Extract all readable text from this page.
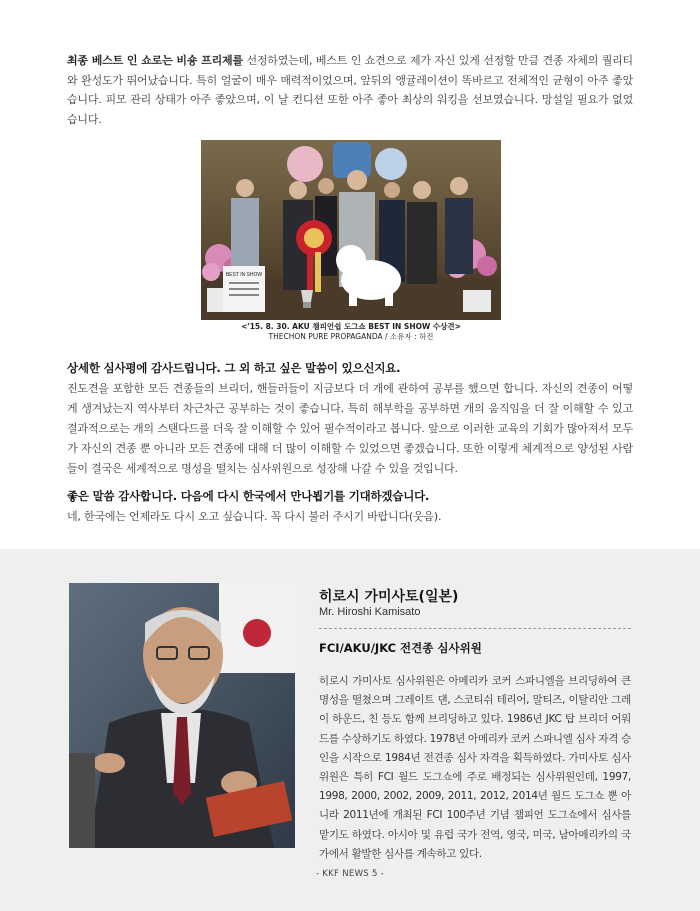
최종 베스트 인 쇼로는 비숑 프리제를 선정하였는데, 베스트 인 쇼견으로 제가 자신 있게 선정할 만큼 견종 자체의 퀄리티와 완성도가 뛰어났습니다. 특히 얼굴이 매우 매력적이었으며, 앞뒤의 앵귤레이션이 똑바르고 전체적인 균형이 아주 좋았습니다. 피모 관리 상태가 아주 좋았으며, 이 날 컨디션 또한 아주 좋아 최상의 워킹을 선보였습니다. 망설일 필요가 없었습니다.
BEST IN SHOW
<'15. 8. 30. AKU 챔피언쉽 도그쇼 BEST IN SHOW 수상견>
THECHON PURE PROPAGANDA / 소유자 : 허진
상세한 심사평에 감사드립니다. 그 외 하고 싶은 말씀이 있으신지요.
진도견을 포함한 모든 견종들의 브리더, 핸들러들이 지금보다 더 개에 관하여 공부를 했으면 합니다. 자신의 견종이 어떻게 생겨났는지 역사부터 차근차근 공부하는 것이 좋습니다. 특히 해부학을 공부하면 개의 움직임을 더 잘 이해할 수 있고 결과적으로는 개의 스탠다드를 더욱 잘 이해할 수 있어 필수적이라고 봅니다. 앞으로 이러한 교육의 기회가 많아져서 모두가 자신의 견종 뿐 아니라 모든 견종에 대해 더 많이 이해할 수 있었으면 좋겠습니다. 또한 이렇게 체계적으로 양성된 사람들이 결국은 세계적으로 명성을 떨치는 심사위원으로 성장해 나갈 수 있을 것입니다.
좋은 말씀 감사합니다. 다음에 다시 한국에서 만나뵙기를 기대하겠습니다.
네, 한국에는 언제라도 다시 오고 싶습니다. 꼭 다시 불러 주시기 바랍니다(웃음).
히로시 가미사토(일본)
Mr. Hiroshi Kamisato
FCI/AKU/JKC 전견종 심사위원
히로시 가미사토 심사위원은 아메리카 코커 스파니엘을 브리딩하여 큰 명성을 떨쳤으며 그레이트 댄, 스코티쉬 테리어, 말티즈, 이탈리안 그레이 하운드, 친 등도 함께 브리딩하고 있다. 1986년 JKC 탑 브리더 어워드를 수상하기도 하였다. 1978년 아메리카 코커 스파니엘 심사 자격 승인을 시작으로 1984년 전견종 심사 자격을 획득하였다. 가미사토 심사위원은 특히 FCI 월드 도그쇼에 주로 배정되는 심사위원인데, 1997, 1998, 2000, 2002, 2009, 2011, 2012, 2014년 월드 도그쇼 뿐 아니라 2011년에 개최된 FCI 100주년 기념 챔피언 도그쇼에서 심사를 맡기도 하였다. 아시아 및 유럽 국가 전역, 영국, 미국, 남아메리카의 국가에서 활발한 심사를 계속하고 있다.
- KKF NEWS 5 -
